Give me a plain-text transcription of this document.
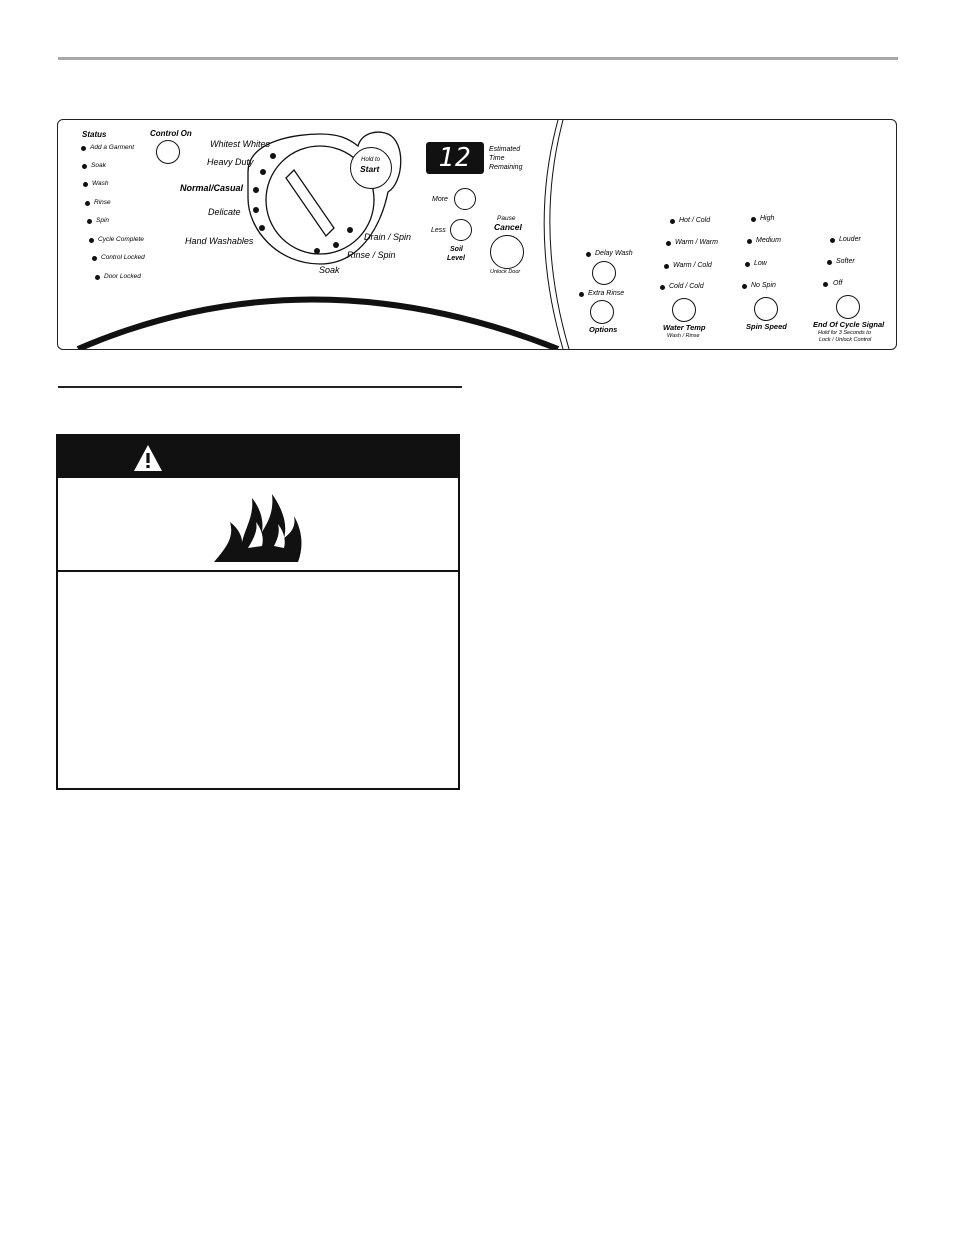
Status
Add a Garment
Soak
Wash
Rinse
Spin
Cycle Complete
Control Locked
Door Locked
Control On
Whitest Whites
Heavy Duty
Normal/Casual
Delicate
Hand Washables	Drain / Spin
Rinse / Spin
Soak
Hold to
Start	12	Estimated
Time
Remaining
More
Less
Soil
Level
Pause
Cancel
Unlock Door
Delay Wash
Extra Rinse
Options
Hot / Cold
Warm / Warm
Warm / Cold
Cold / Cold
Water Temp
Wash / Rinse
High
Medium
Low
No Spin
Spin Speed
Louder
Softer
Off
End Of Cycle Signal
Hold for 3 Seconds to
Lock / Unlock Control
